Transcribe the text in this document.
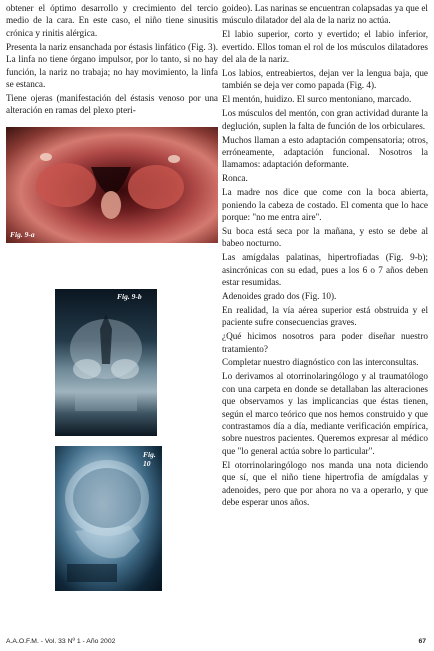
obtener el óptimo desarrollo y crecimiento del tercio medio de la cara. En este caso, el niño tiene sinusitis crónica y rinitis alérgica.

Presenta la nariz ensanchada por éstasis linfático (Fig. 3). La linfa no tiene órgano impulsor, por lo tanto, si no hay función, la nariz no trabaja; no hay movimiento, la linfa se estanca.

Tiene ojeras (manifestación del éstasis venoso por una alteración en ramas del plexo pteri-

Fig. 9-a
Fig. 9-b
Fig. 10

goideo). Las narinas se encuentran colapsadas ya que el músculo dilatador del ala de la nariz no actúa.

El labio superior, corto y evertido; el labio inferior, evertido. Ellos toman el rol de los músculos dilatadores del ala de la nariz.

Los labios, entreabiertos, dejan ver la lengua baja, que también se deja ver como papada (Fig. 4).

El mentón, huidizo. El surco mentoniano, marcado.

Los músculos del mentón, con gran actividad durante la deglución, suplen la falta de función de los orbiculares.

Muchos llaman a esto adaptación compensatoria; otros, erróneamente, adaptación funcional. Nosotros la llamamos: adaptación deformante.

Ronca.

La madre nos dice que come con la boca abierta, poniendo la cabeza de costado. El comenta que lo hace porque: "no me entra aire".

Su boca está seca por la mañana, y esto se debe al babeo nocturno.

Las amígdalas palatinas, hipertrofiadas (Fig. 9-b); asincrónicas con su edad, pues a los 6 o 7 años deben estar resumidas.

Adenoides grado dos (Fig. 10).

En realidad, la vía aérea superior está obstruida y el paciente sufre consecuencias graves.

¿Qué hicimos nosotros para poder diseñar nuestro tratamiento?

Completar nuestro diagnóstico con las interconsultas.

Lo derivamos al otorrinolaringólogo y al traumatólogo con una carpeta en donde se detallaban las alteraciones que observamos y las implicancias que éstas tienen, según el marco teórico que nos hemos construido y que contrastamos día a día, mediante verificación empírica, sobre nuestros pacientes. Queremos expresar al médico que "lo general actúa sobre lo particular".

El otorrinolaringólogo nos manda una nota diciendo que sí, que el niño tiene hipertrofia de amígdalas y adenoides, pero que por ahora no va a operarlo, y que debe esperar unos años.

A.A.O.F.M. - Vol. 33 Nº 1 - Año 2002	67
